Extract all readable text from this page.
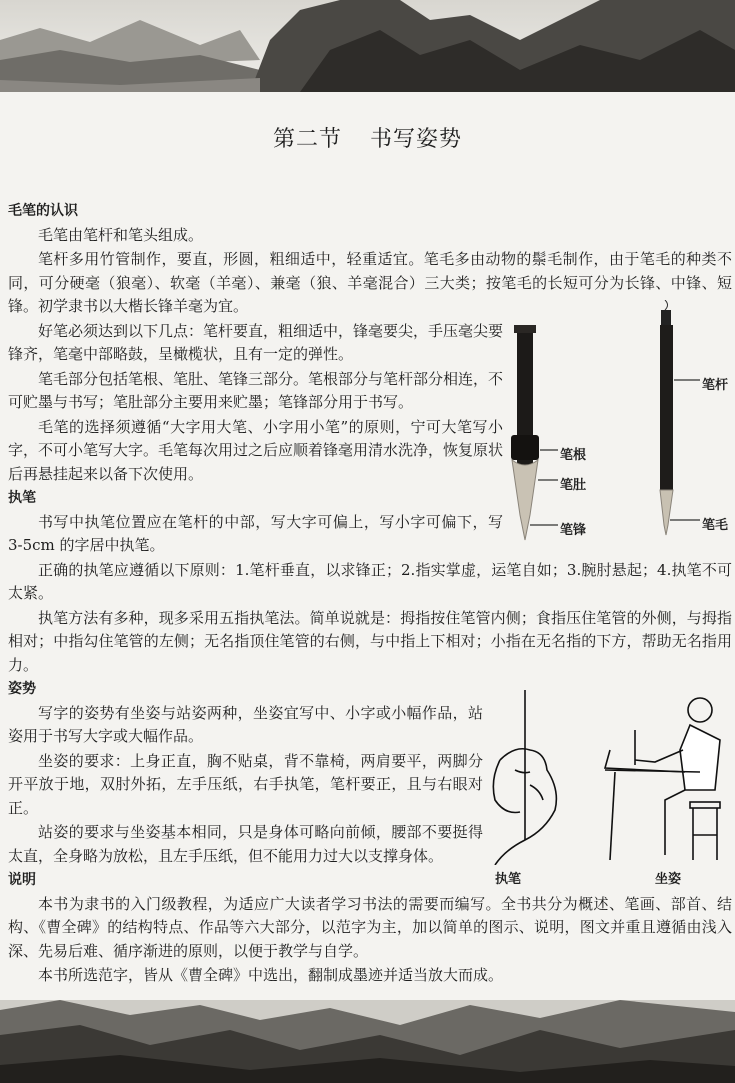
第二节 书写姿势

毛笔的认识

毛笔由笔杆和笔头组成。

笔杆多用竹管制作，要直，形圆，粗细适中，轻重适宜。笔毛多由动物的鬃毛制作，由于笔毛的种类不同，可分硬毫（狼毫）、软毫（羊毫）、兼毫（狼、羊毫混合）三大类；按笔毛的长短可分为长锋、中锋、短锋。初学隶书以大楷长锋羊毫为宜。

好笔必须达到以下几点：笔杆要直，粗细适中，锋毫要尖，手压毫尖要锋齐，笔毫中部略鼓，呈橄榄状，且有一定的弹性。

笔毛部分包括笔根、笔肚、笔锋三部分。笔根部分与笔杆部分相连，不可贮墨与书写；笔肚部分主要用来贮墨；笔锋部分用于书写。

毛笔的选择须遵循“大字用大笔、小字用小笔”的原则，宁可大笔写小字，不可小笔写大字。毛笔每次用过之后应顺着锋毫用清水洗净，恢复原状后再悬挂起来以备下次使用。

执笔

书写中执笔位置应在笔杆的中部，写大字可偏上，写小字可偏下，写 3-5cm 的字居中执笔。

正确的执笔应遵循以下原则：1.笔杆垂直，以求锋正；2.指实掌虚，运笔自如；3.腕肘悬起；4.执笔不可太紧。

执笔方法有多种，现多采用五指执笔法。简单说就是：拇指按住笔管内侧；食指压住笔管的外侧，与拇指相对；中指勾住笔管的左侧；无名指顶住笔管的右侧，与中指上下相对；小指在无名指的下方，帮助无名指用力。

姿势

写字的姿势有坐姿与站姿两种，坐姿宜写中、小字或小幅作品，站姿用于书写大字或大幅作品。

坐姿的要求：上身正直，胸不贴桌，背不靠椅，两肩要平，两脚分开平放于地，双肘外拓，左手压纸，右手执笔，笔杆要正，且与右眼对正。

站姿的要求与坐姿基本相同，只是身体可略向前倾，腰部不要挺得太直，全身略为放松，且左手压纸，但不能用力过大以支撑身体。

说明

本书为隶书的入门级教程，为适应广大读者学习书法的需要而编写。全书共分为概述、笔画、部首、结构、《曹全碑》的结构特点、作品等六大部分，以范字为主，加以简单的图示、说明，图文并重且遵循由浅入深、先易后难、循序渐进的原则，以便于教学与自学。

本书所选范字，皆从《曹全碑》中选出，翻制成墨迹并适当放大而成。

笔根
笔肚
笔锋
笔杆
笔毛
执笔	坐姿
